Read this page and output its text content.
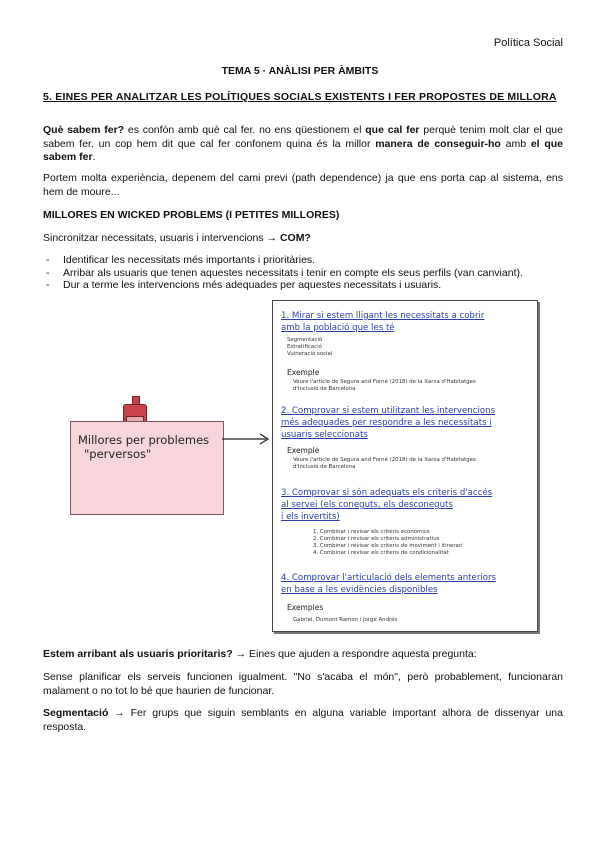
Política Social
TEMA 5 · ANÀLISI PER ÀMBITS
5. EINES PER ANALITZAR LES POLÍTIQUES SOCIALS EXISTENTS I FER PROPOSTES DE MILLORA
Què sabem fer? es confón amb què cal fer. no ens qüestionem el que cal fer perquè tenim molt clar el que sabem fer. un cop hem dit que cal fer confonem quina és la millor manera de conseguir-ho amb el que sabem fer.
Portem molta experiència, depenem del cami previ (path dependence) ja que ens porta cap al sistema, ens hem de moure...
MILLORES EN WICKED PROBLEMS (I PETITES MILLORES)
Sincronitzar necessitats, usuaris i intervencions → COM?
- Identificar les necessitats més importants i prioritàries.
- Arribar als usuaris que tenen aquestes necessitats i tenir en compte els seus perfils (van canviant).
- Dur a terme les intervencions més adequades per aquestes necessitats i usuaris.
Millores per problemes
"perversos"
1. Mirar si estem lligant les necessitats a cobrir
amb la població que les té
Segmentació
Estratificació
Vulneració social
Exemple
Veure l'article de Segura and Forné (2018) de la Xarxa d'Habitatges
d'Inclusió de Barcelona
2. Comprovar si estem utilitzant les intervencions
més adequades per respondre a les necessitats i
usuaris seleccionats
Exemple
Veure l'article de Segura and Forné (2018) de la Xarxa d'Habitatges
d'Inclusió de Barcelona
3. Comprovar si són adequats els criteris d'accés
al servei (els coneguts, els desconeguts
i els invertits)
1. Combinar i revisar els criteris econòmics
2. Combinar i revisar els criteris administratius
3. Combinar i revisar els criteris de moviment i itinerari
4. Combinar i revisar els criteris de condicionalitat
4. Comprovar l'articulació dels elements anteriors
en base a les evidències disponibles
Exemples
Gabriel, Dumont Ramon i Jorge Andrés
Estem arribant als usuaris prioritaris? → Eines que ajuden a respondre aquesta pregunta:
Sense planificar els serveis funcionen igualment. "No s'acaba el món", però probablement, funcionaran malament o no tot lo bé que haurien de funcionar.
Segmentació → Fer grups que siguin semblants en alguna variable important alhora de dissenyar una resposta.
